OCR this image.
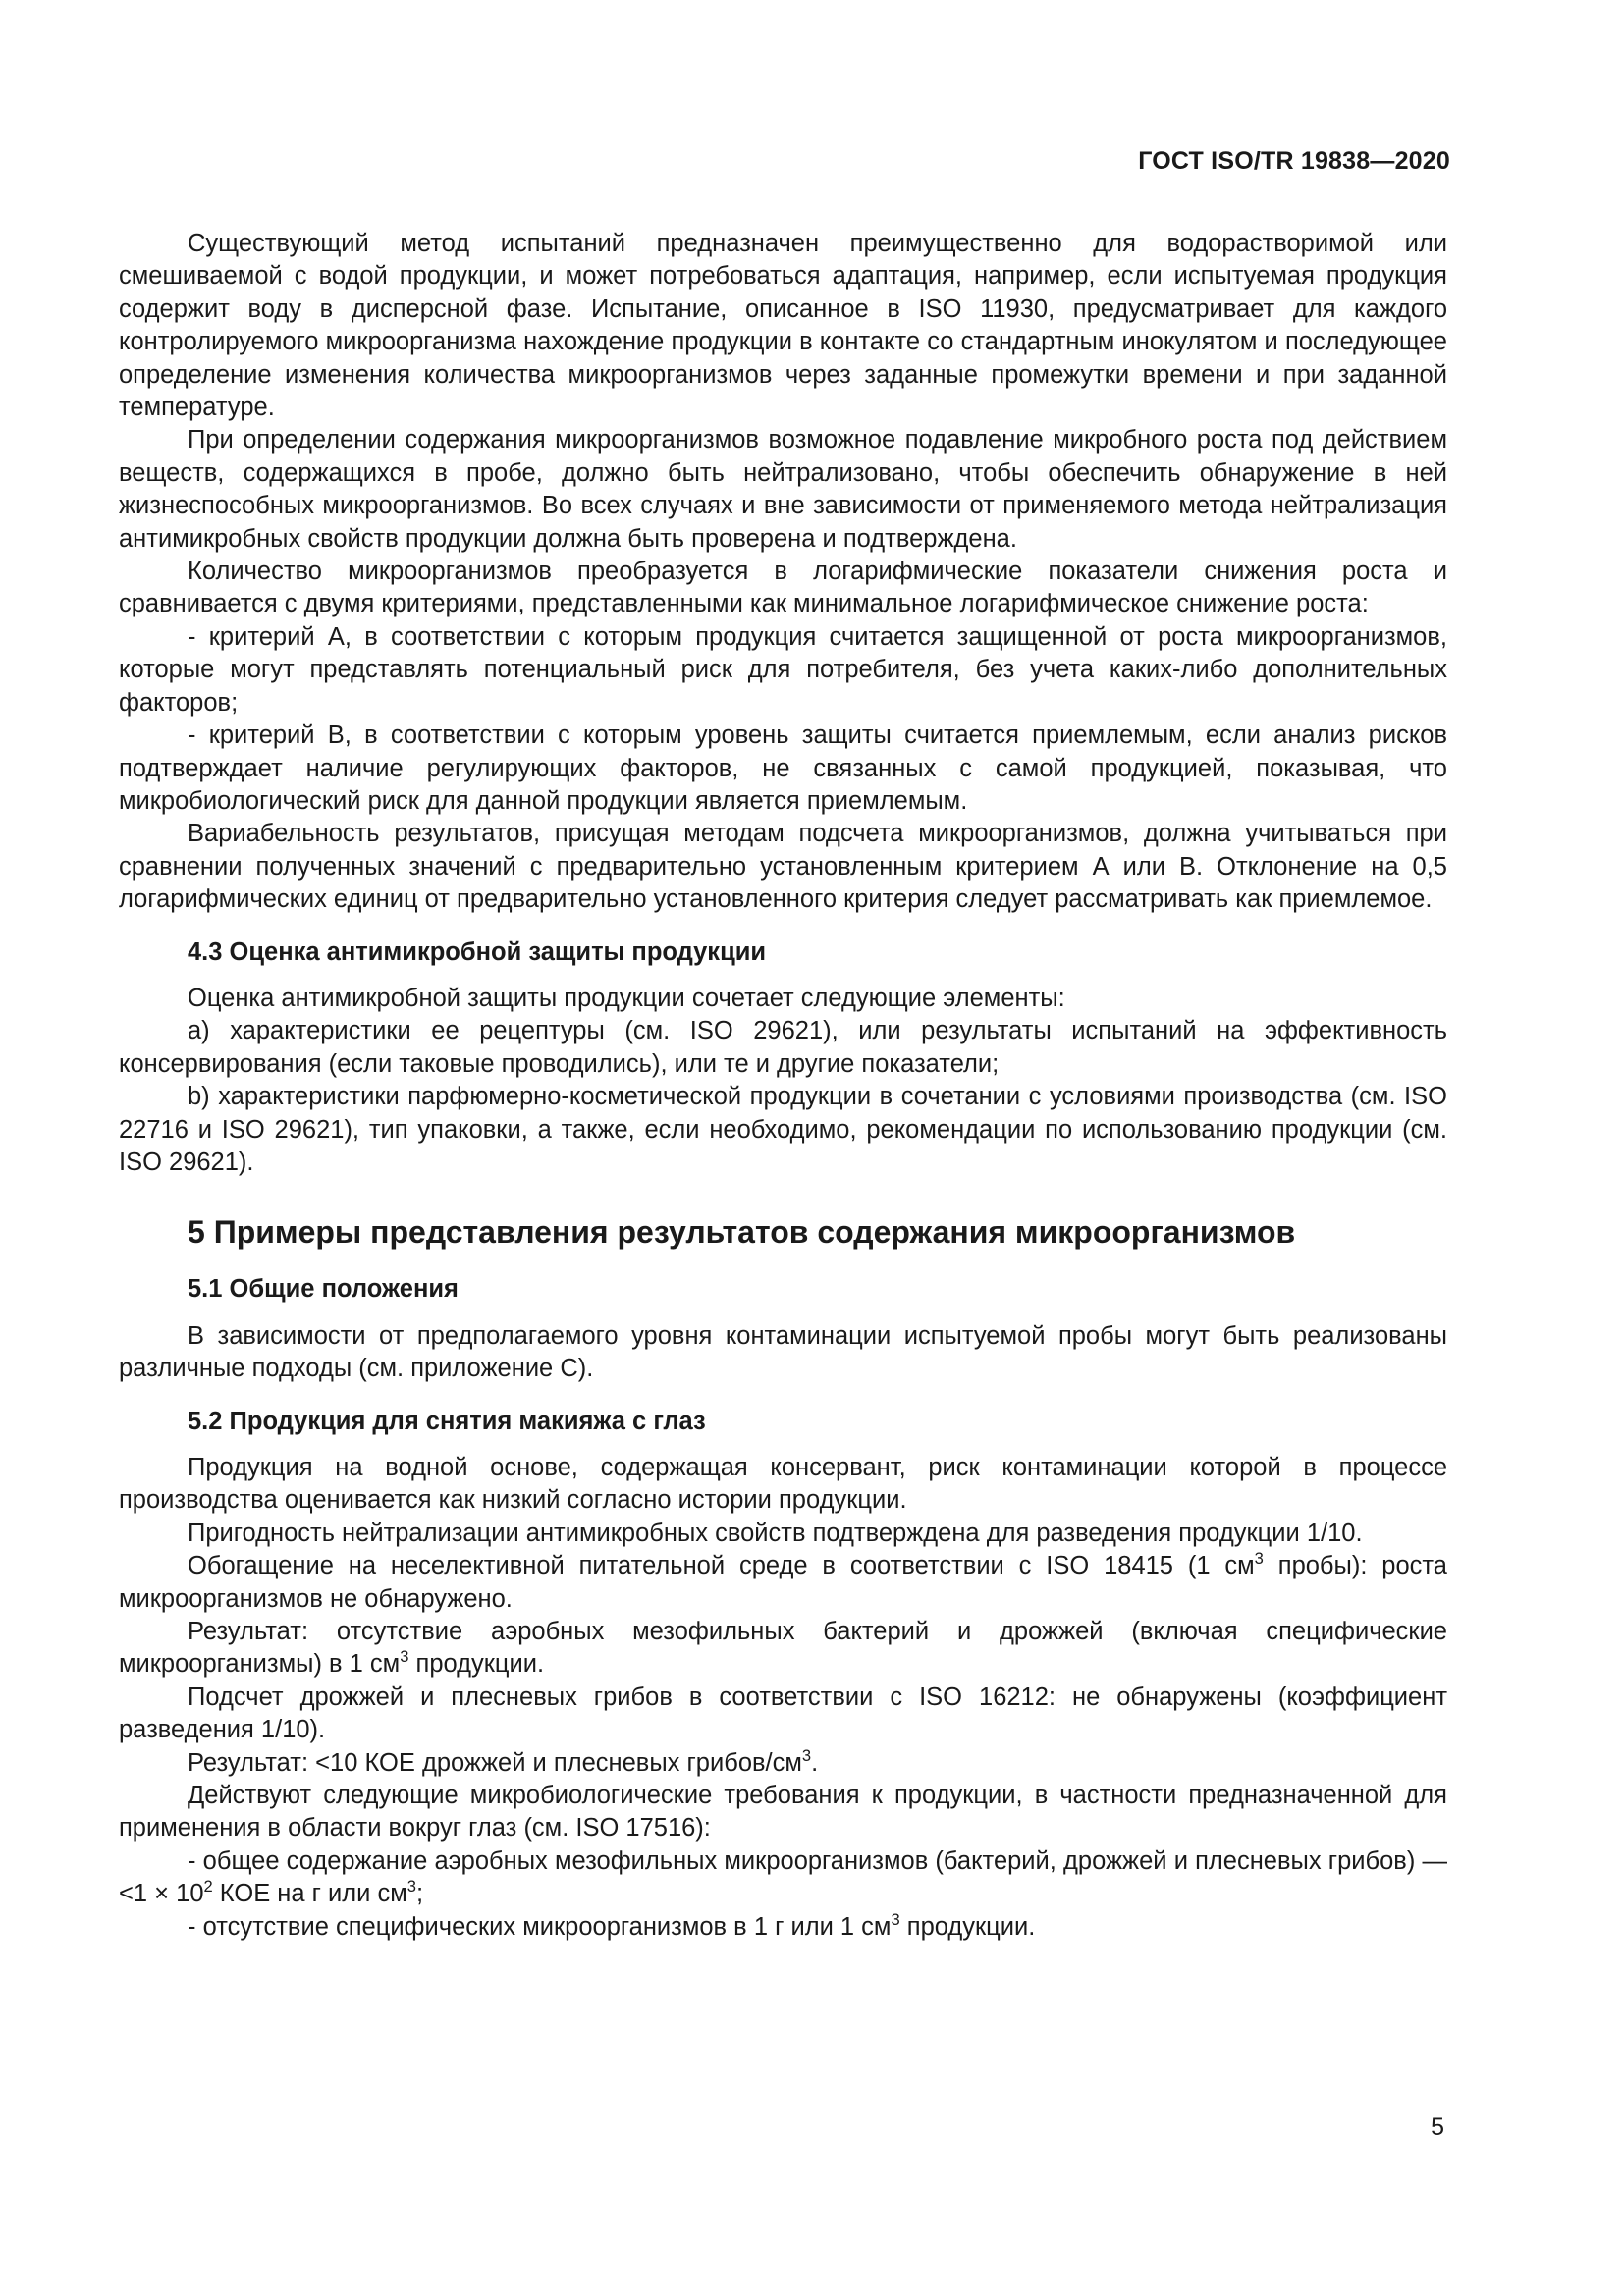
ГОСТ ISO/TR 19838—2020

Существующий метод испытаний предназначен преимущественно для водорастворимой или смешиваемой с водой продукции, и может потребоваться адаптация, например, если испытуемая продукция содержит воду в дисперсной фазе. Испытание, описанное в ISO 11930, предусматривает для каждого контролируемого микроорганизма нахождение продукции в контакте со стандартным инокулятом и последующее определение изменения количества микроорганизмов через заданные промежутки времени и при заданной температуре.

При определении содержания микроорганизмов возможное подавление микробного роста под действием веществ, содержащихся в пробе, должно быть нейтрализовано, чтобы обеспечить обнаружение в ней жизнеспособных микроорганизмов. Во всех случаях и вне зависимости от применяемого метода нейтрализация антимикробных свойств продукции должна быть проверена и подтверждена.

Количество микроорганизмов преобразуется в логарифмические показатели снижения роста и сравнивается с двумя критериями, представленными как минимальное логарифмическое снижение роста:

- критерий А, в соответствии с которым продукция считается защищенной от роста микроорганизмов, которые могут представлять потенциальный риск для потребителя, без учета каких-либо дополнительных факторов;

- критерий В, в соответствии с которым уровень защиты считается приемлемым, если анализ рисков подтверждает наличие регулирующих факторов, не связанных с самой продукцией, показывая, что микробиологический риск для данной продукции является приемлемым.

Вариабельность результатов, присущая методам подсчета микроорганизмов, должна учитываться при сравнении полученных значений с предварительно установленным критерием А или В. Отклонение на 0,5 логарифмических единиц от предварительно установленного критерия следует рассматривать как приемлемое.

4.3 Оценка антимикробной защиты продукции

Оценка антимикробной защиты продукции сочетает следующие элементы:

а) характеристики ее рецептуры (см. ISO 29621), или результаты испытаний на эффективность консервирования (если таковые проводились), или те и другие показатели;

b) характеристики парфюмерно-косметической продукции в сочетании с условиями производства (см. ISO 22716 и ISO 29621), тип упаковки, а также, если необходимо, рекомендации по использованию продукции (см. ISO 29621).

5 Примеры представления результатов содержания микроорганизмов
5.1 Общие положения

В зависимости от предполагаемого уровня контаминации испытуемой пробы могут быть реализованы различные подходы (см. приложение С).

5.2 Продукция для снятия макияжа с глаз

Продукция на водной основе, содержащая консервант, риск контаминации которой в процессе производства оценивается как низкий согласно истории продукции.

Пригодность нейтрализации антимикробных свойств подтверждена для разведения продукции 1/10.

Обогащение на неселективной питательной среде в соответствии с ISO 18415 (1 $см^3$ пробы): роста микроорганизмов не обнаружено.

Результат: отсутствие аэробных мезофильных бактерий и дрожжей (включая специфические микроорганизмы) в 1 $см^3$ продукции.

Подсчет дрожжей и плесневых грибов в соответствии с ISO 16212: не обнаружены (коэффициент разведения 1/10).

Результат: <10 КОЕ дрожжей и плесневых грибов/$см^3$.

Действуют следующие микробиологические требования к продукции, в частности предназначенной для применения в области вокруг глаз (см. ISO 17516):

- общее содержание аэробных мезофильных микроорганизмов (бактерий, дрожжей и плесневых грибов) — $<1 \times 10^2$ КОЕ на г или $см^3$;

- отсутствие специфических микроорганизмов в 1 г или 1 $см^3$ продукции.

5
